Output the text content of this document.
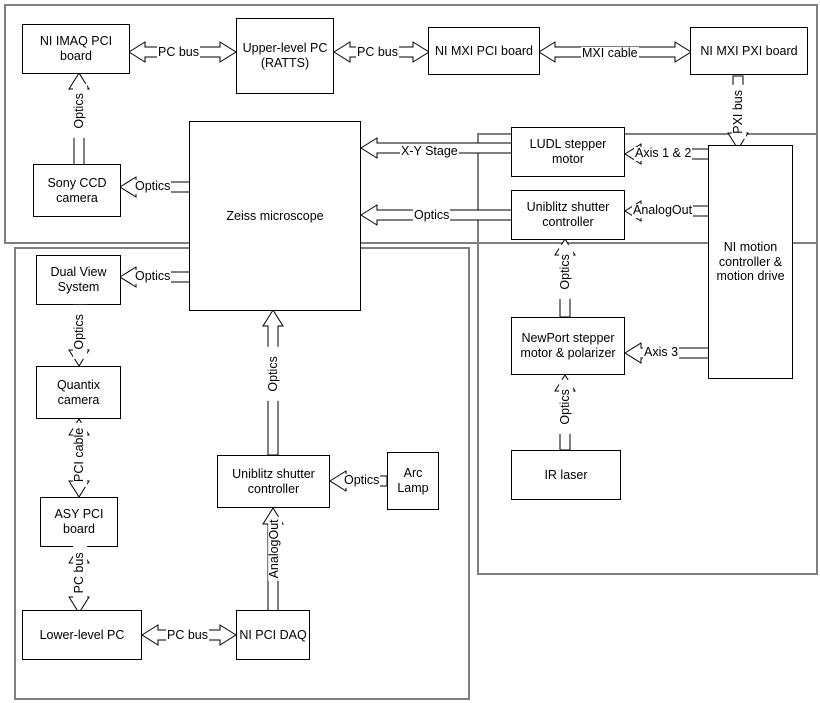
NI IMAQ PCI board
Upper-level PC (RATTS)
NI MXI PCI board	NI MXI PXI board
Sony CCD camera
Zeiss microscope
LUDL stepper motor
Uniblitz shutter controller
NI motion controller & motion drive
Dual View System
Quantix camera
ASY PCI board
Lower-level PC	NI PCI DAQ
Uniblitz shutter controller
Arc Lamp
NewPort stepper motor & polarizer
IR laser
PC bus	PC bus	MXI cable
PXI bus
Optics
Optics
X-Y Stage	Axis 1 & 2
Optics	AnalogOut
Optics
Axis 3
Optics
Optics
Optics
PCI cable
PC bus
PC bus
AnalogOut
Optics
Optics
